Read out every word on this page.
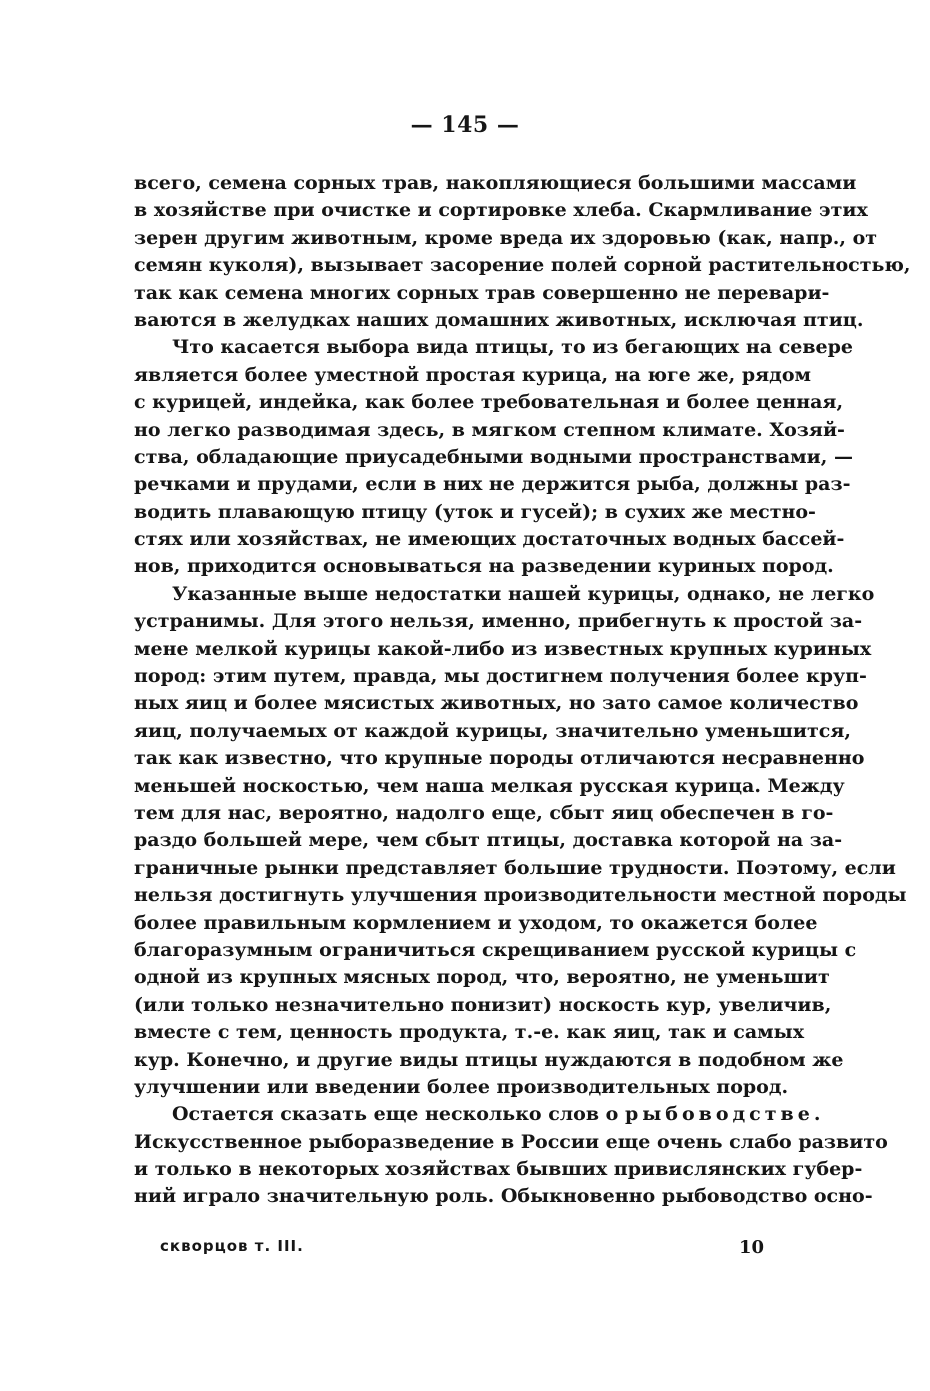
— 145 —
всего, семена сорных трав, накопляющиеся большими массами
в хозяйстве при очистке и сортировке хлеба. Скармливание этих
зерен другим животным, кроме вреда их здоровью (как, напр., от
семян куколя), вызывает засорение полей сорной растительностью,
так как семена многих сорных трав совершенно не перевари-
ваются в желудках наших домашних животных, исключая птиц.
Что касается выбора вида птицы, то из бегающих на севере
является более уместной простая курица, на юге же, рядом
с курицей, индейка, как более требовательная и более ценная,
но легко разводимая здесь, в мягком степном климате. Хозяй-
ства, обладающие приусадебными водными пространствами, —
речками и прудами, если в них не держится рыба, должны раз-
водить плавающую птицу (уток и гусей); в сухих же местно-
стях или хозяйствах, не имеющих достаточных водных бассей-
нов, приходится основываться на разведении куриных пород.
Указанные выше недостатки нашей курицы, однако, не легко
устранимы. Для этого нельзя, именно, прибегнуть к простой за-
мене мелкой курицы какой-либо из известных крупных куриных
пород: этим путем, правда, мы достигнем получения более круп-
ных яиц и более мясистых животных, но зато самое количество
яиц, получаемых от каждой курицы, значительно уменьшится,
так как известно, что крупные породы отличаются несравненно
меньшей носкостью, чем наша мелкая русская курица. Между
тем для нас, вероятно, надолго еще, сбыт яиц обеспечен в го-
раздо большей мере, чем сбыт птицы, доставка которой на за-
граничные рынки представляет большие трудности. Поэтому, если
нельзя достигнуть улучшения производительности местной породы
более правильным кормлением и уходом, то окажется более
благоразумным ограничиться скрещиванием русской курицы с
одной из крупных мясных пород, что, вероятно, не уменьшит
(или только незначительно понизит) носкость кур, увеличив,
вместе с тем, ценность продукта, т.-е. как яиц, так и самых
кур. Конечно, и другие виды птицы нуждаются в подобном же
улучшении или введении более производительных пород.
Остается сказать еще несколько слов о рыбоводстве.
Искусственное рыборазведение в России еще очень слабо развито
и только в некоторых хозяйствах бывших привислянских губер-
ний играло значительную роль. Обыкновенно рыбоводство осно-
скворцов т. III.	10
